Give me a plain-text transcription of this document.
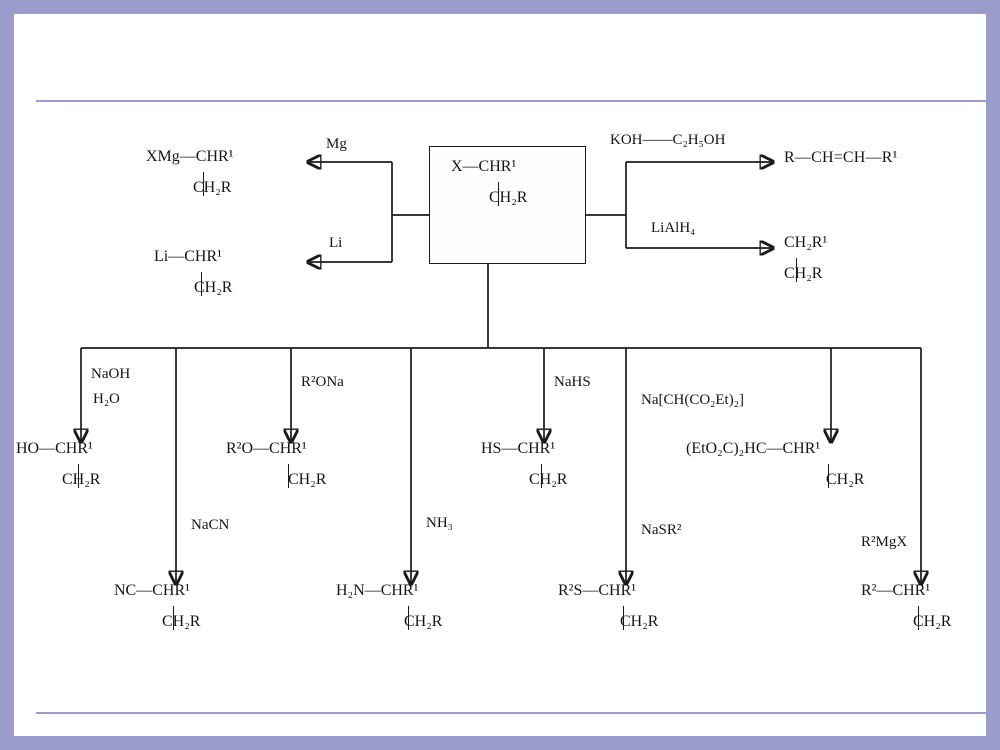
X—CHR¹
CH₂R
XMg—CHR¹
CH₂R
Li—CHR¹
CH₂R
R—CH=CH—R¹
CH₂R¹
CH₂R
HO—CHR¹
CH₂R
R²O—CHR¹
CH₂R
HS—CHR¹
CH₂R
(EtO₂C)₂HC—CHR¹
CH₂R
NC—CHR¹
CH₂R
H₂N—CHR¹
CH₂R
R²S—CHR¹
CH₂R
R²—CHR¹
CH₂R
Mg
Li
KOH——C₂H₅OH
LiAlH₄
NaOH
H₂O
R²ONa	NaHS
Na[CH(CO₂Et)₂]
NaCN	NH₃	NaSR²
R²MgX
